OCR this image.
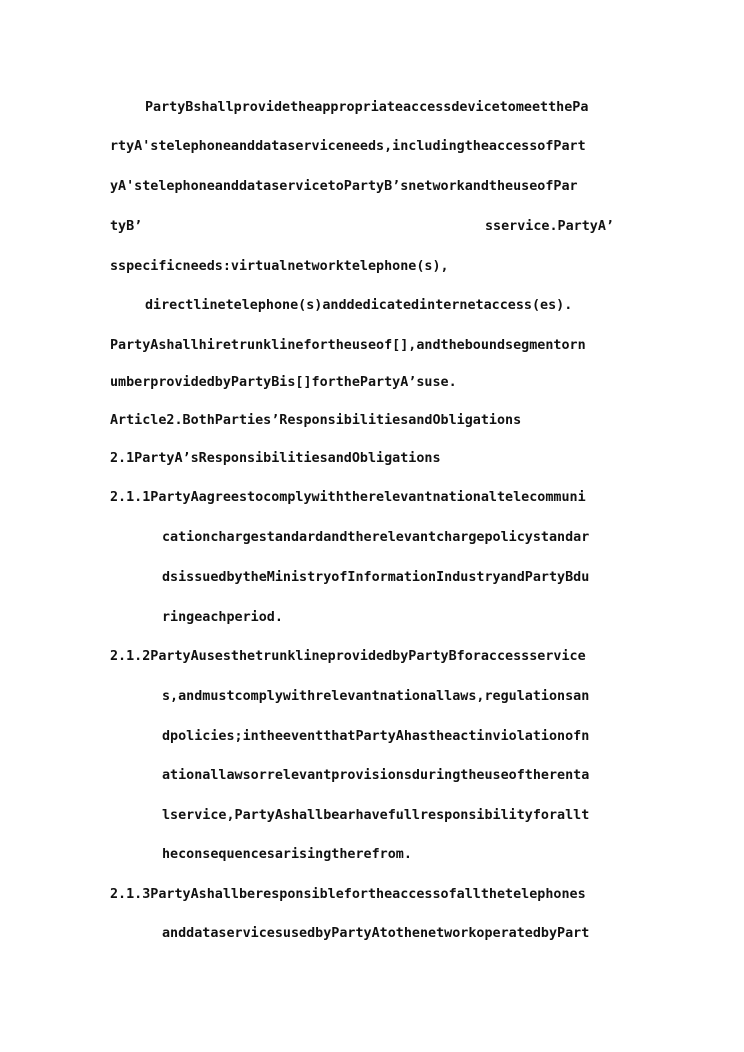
PartyBshallprovidetheappropriateaccessdevicetomeetthePa
rtyA'stelephoneanddataserviceneeds,includingtheaccessofPart
yA'stelephoneanddataservicetoPartyB’snetworkandtheuseofPar
tyB’	sservice.PartyA’
sspecificneeds:virtualnetworktelephone(s),
directlinetelephone(s)anddedicatedinternetaccess(es).
PartyAshallhiretrunklinefortheuseof[],andtheboundsegmentorn
umberprovidedbyPartyBis[]forthePartyA’suse.
Article2.BothParties’ResponsibilitiesandObligations
2.1PartyA’sResponsibilitiesandObligations
2.1.1PartyAagreestocomplywiththerelevantnationaltelecommuni
cationchargestandardandtherelevantchargepolicystandar
dsissuedbytheMinistryofInformationIndustryandPartyBdu
ringeachperiod.
2.1.2PartyAusesthetrunklineprovidedbyPartyBforaccessservice
s,andmustcomplywithrelevantnationallaws,regulationsan
dpolicies;intheeventthatPartyAhastheactinviolationofn
ationallawsorrelevantprovisionsduringtheuseoftherenta
lservice,PartyAshallbearhavefullresponsibilityforallt
heconsequencesarisingtherefrom.
2.1.3PartyAshallberesponsiblefortheaccessofallthetelephones
anddataservicesusedbyPartyAtothenetworkoperatedbyPart
